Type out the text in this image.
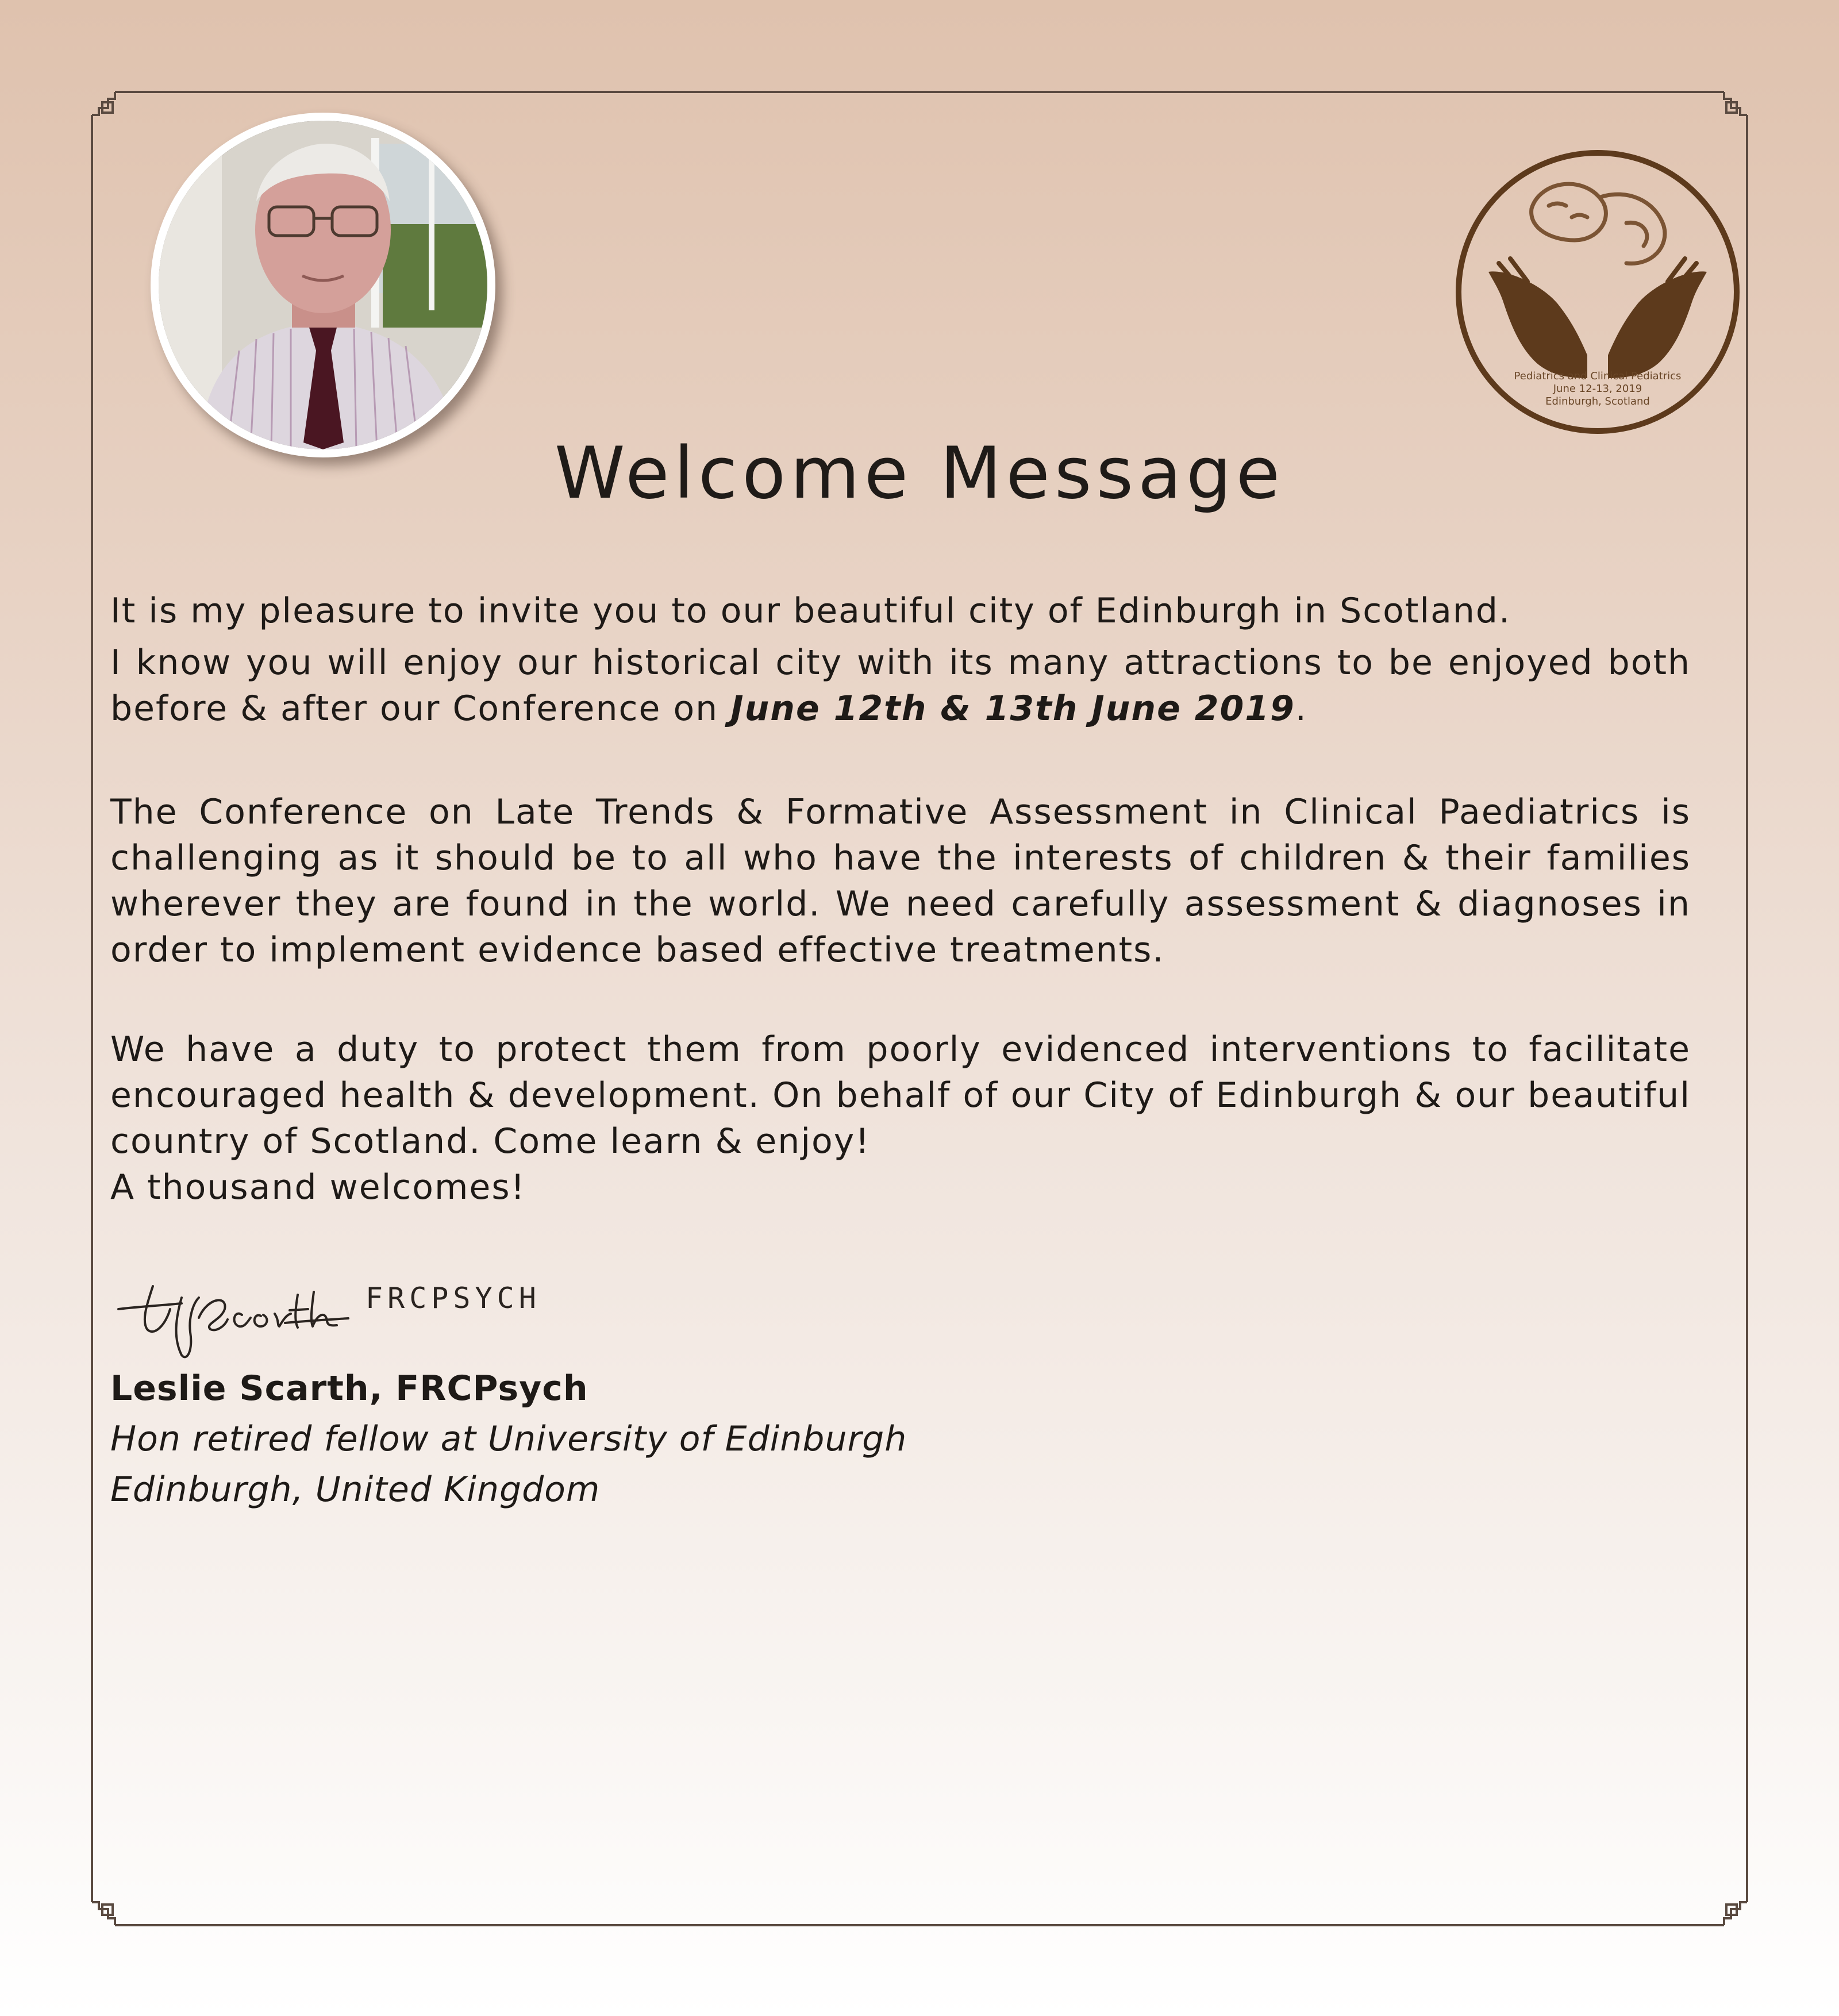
Pediatrics and Clinical Pediatrics
June 12-13, 2019
Edinburgh, Scotland
Welcome Message

It is my pleasure to invite you to our beautiful city of Edinburgh in Scotland.

I know you will enjoy our historical city with its many attractions to be enjoyed both before & after our Conference on June 12th & 13th June 2019.

The Conference on Late Trends & Formative Assessment in Clinical Paediatrics is challenging as it should be to all who have the interests of children & their families wherever they are found in the world. We need carefully assessment & diagnoses in order to implement evidence based effective treatments.

We have a duty to protect them from poorly evidenced interventions to facilitate encouraged health & development. On behalf of our City of Edinburgh & our beautiful country of Scotland. Come learn & enjoy!

A thousand welcomes!

FRCPSYCH
Leslie Scarth, FRCPsych
Hon retired fellow at University of Edinburgh
Edinburgh, United Kingdom
